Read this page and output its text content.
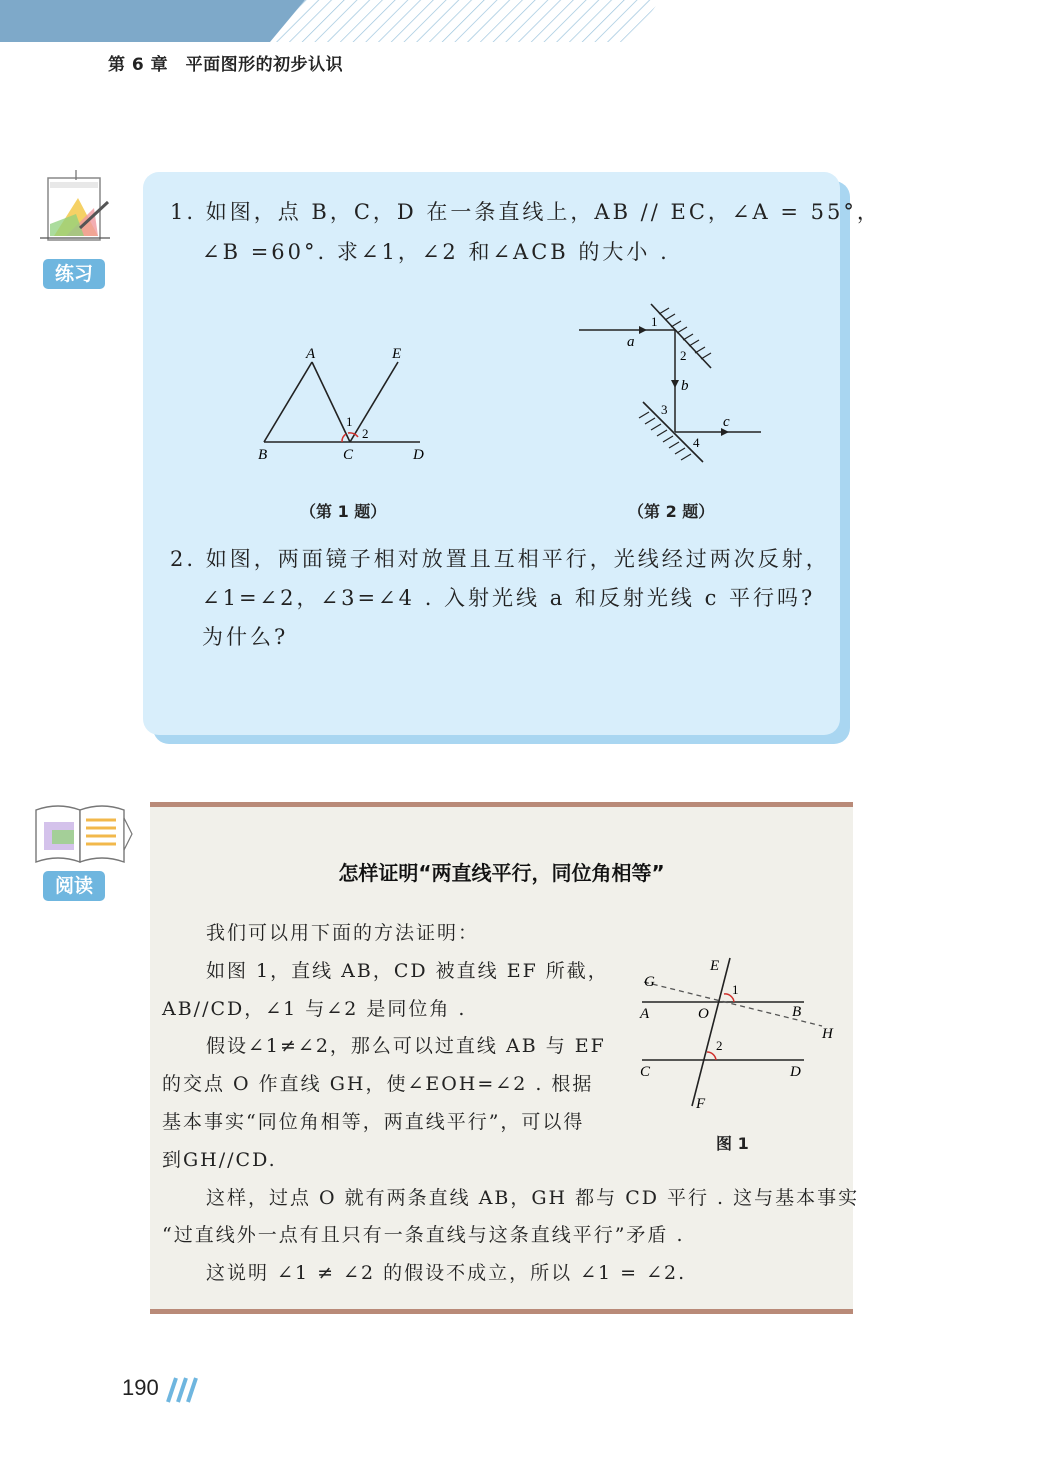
第 6 章　平面图形的初步认识
练习
1. 如图，点 B，C，D 在一条直线上，AB // EC，∠A = 55°，
∠B =60°. 求∠1，∠2 和∠ACB 的大小 .
A	E
B	C	D
1
2
（第 1 题）
a
b
c
1
2
3
4
（第 2 题）
2. 如图，两面镜子相对放置且互相平行，光线经过两次反射，
∠1=∠2，∠3=∠4 . 入射光线 a 和反射光线 c 平行吗?
为什么?
阅读
怎样证明“两直线平行，同位角相等”
我们可以用下面的方法证明：
如图 1，直线 AB，CD 被直线 EF 所截，
AB//CD，∠1 与∠2 是同位角 .
假设∠1≠∠2，那么可以过直线 AB 与 EF
的交点 O 作直线 GH，使∠EOH=∠2 . 根据
基本事实“同位角相等，两直线平行”，可以得
到GH//CD.
这样，过点 O 就有两条直线 AB，GH 都与 CD 平行 . 这与基本事实
“过直线外一点有且只有一条直线与这条直线平行”矛盾 .
这说明 ∠1 ≠ ∠2 的假设不成立，所以 ∠1 = ∠2.
E
G
A	O	B
H
C	D
F
1
2
图 1
190
